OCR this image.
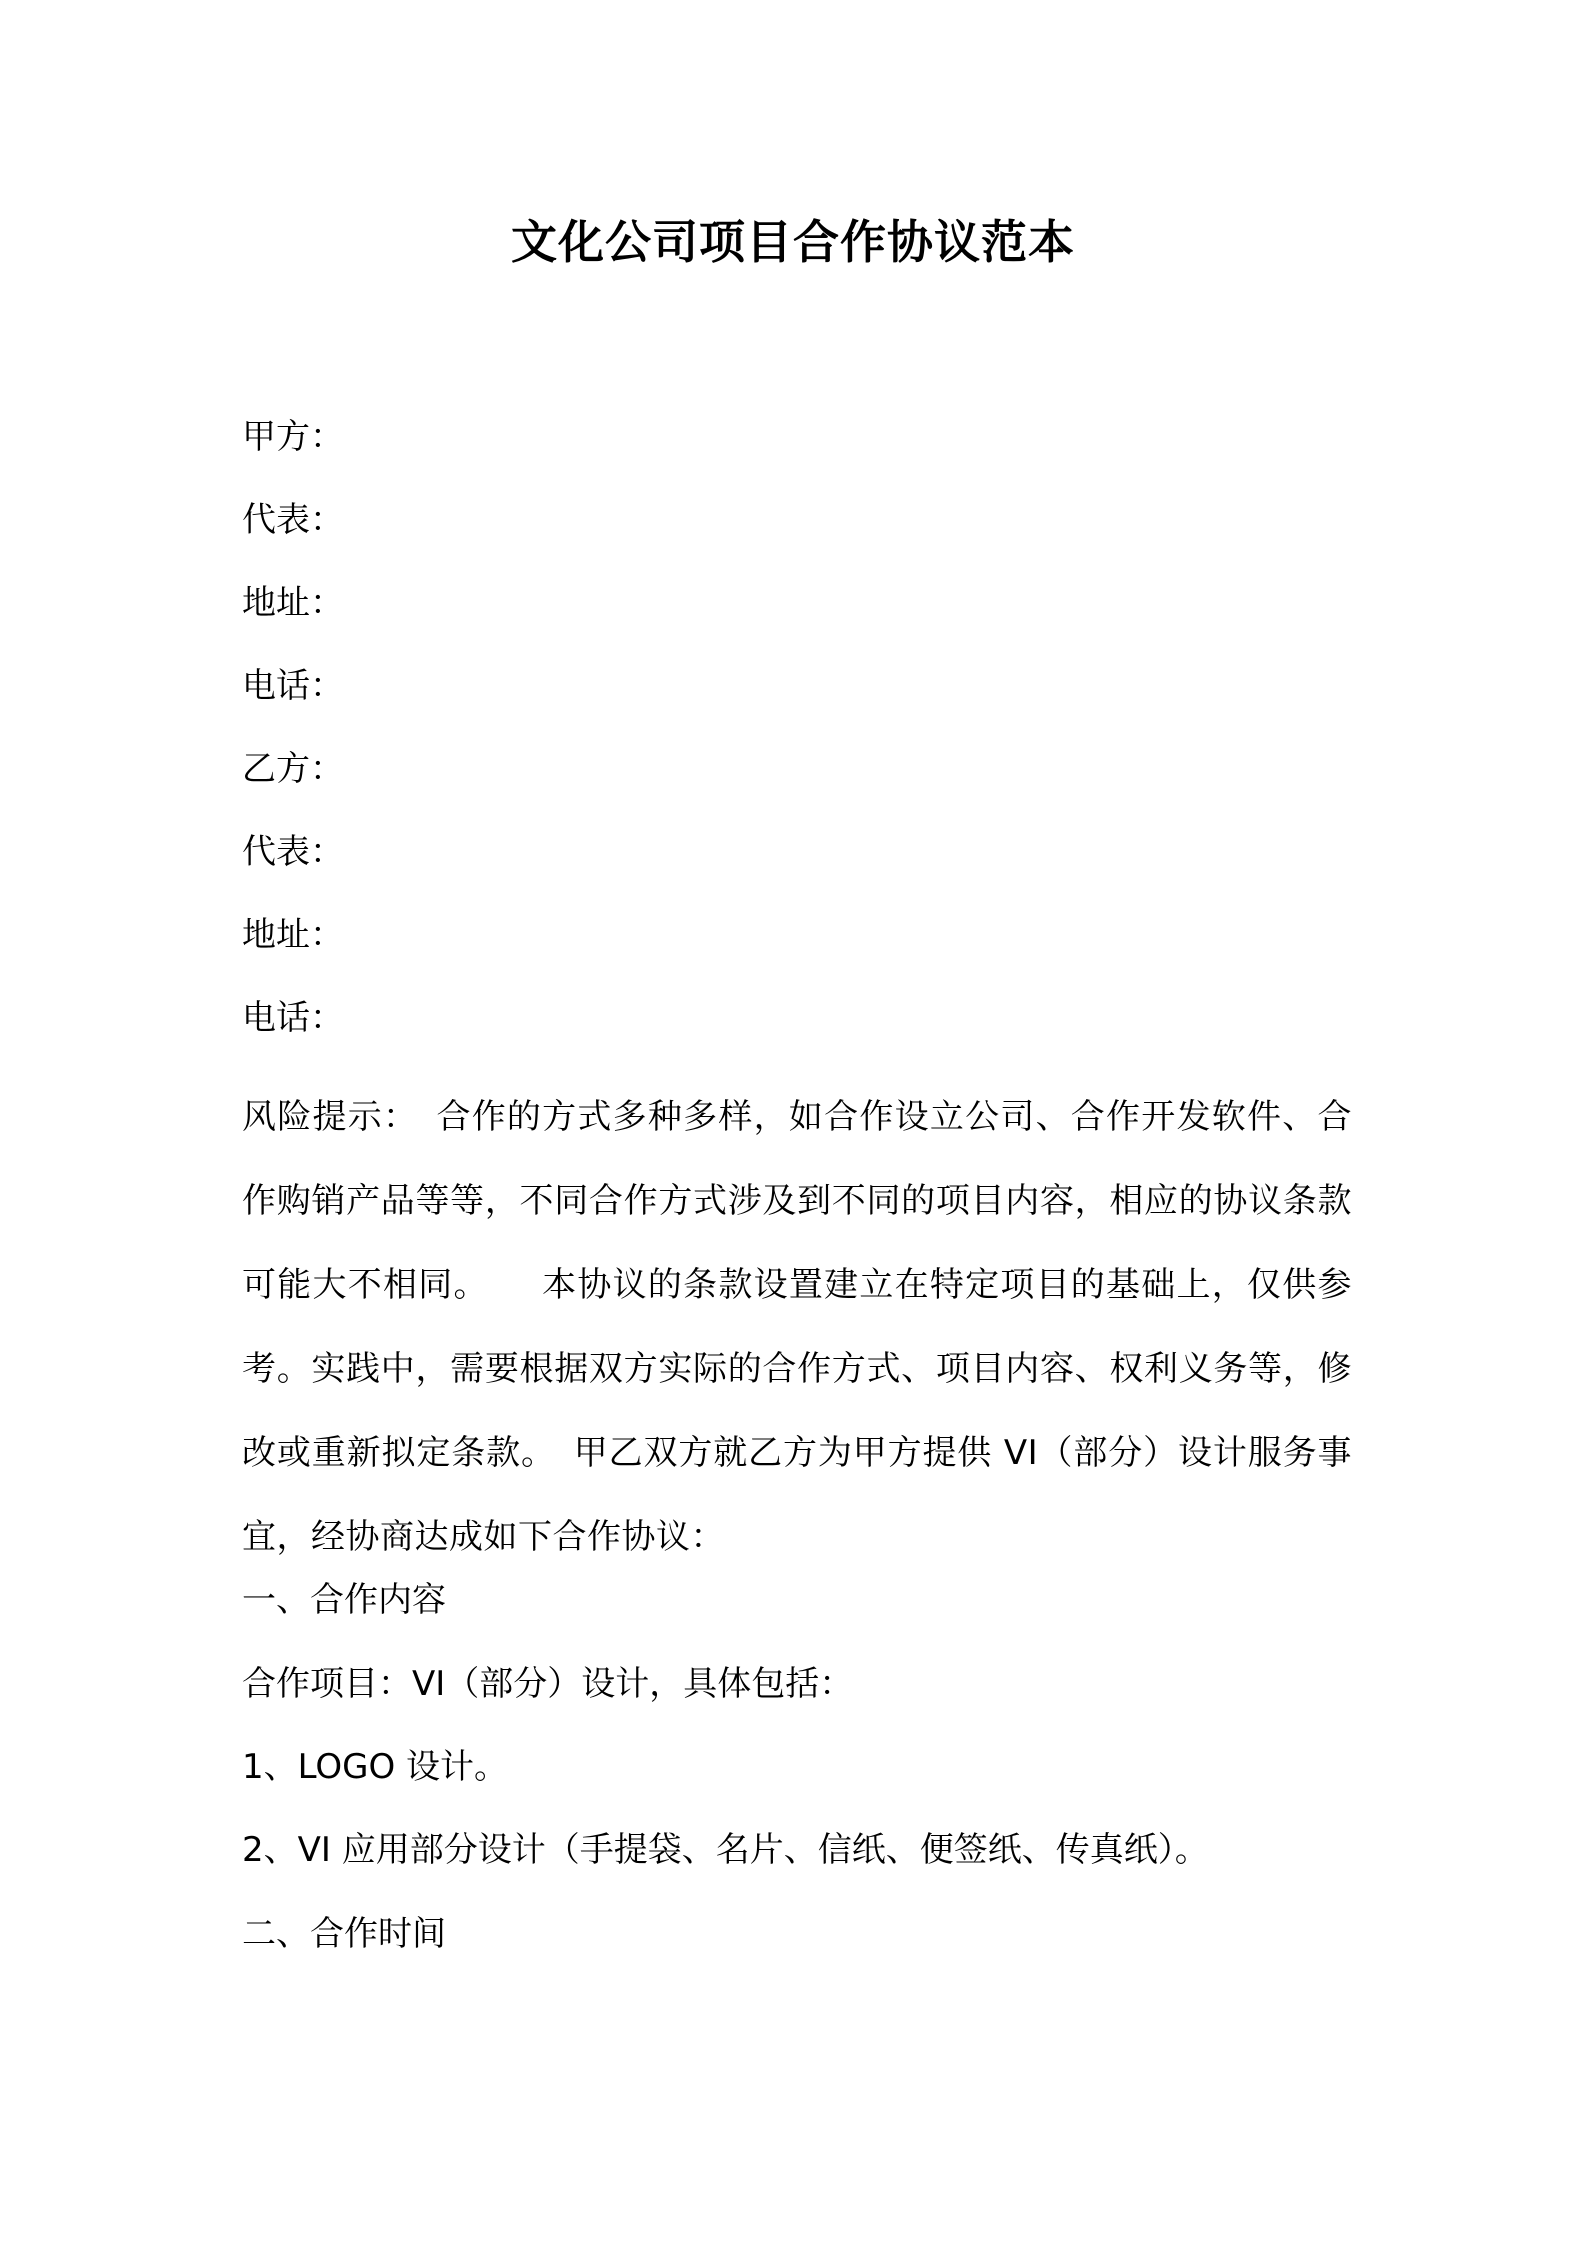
文化公司项目合作协议范本
甲方：
代表：
地址：
电话：
乙方：
代表：
地址：
电话：
风险提示：　合作的方式多种多样，如合作设立公司、合作开发软件、合作购销产品等等，不同合作方式涉及到不同的项目内容，相应的协议条款可能大不相同。　　本协议的条款设置建立在特定项目的基础上，仅供参考。实践中，需要根据双方实际的合作方式、项目内容、权利义务等，修改或重新拟定条款。　甲乙双方就乙方为甲方提供 VI（部分）设计服务事宜，经协商达成如下合作协议：
一、合作内容
合作项目：VI（部分）设计，具体包括：
1、LOGO 设计。
2、VI 应用部分设计（手提袋、名片、信纸、便签纸、传真纸）。
二、合作时间
